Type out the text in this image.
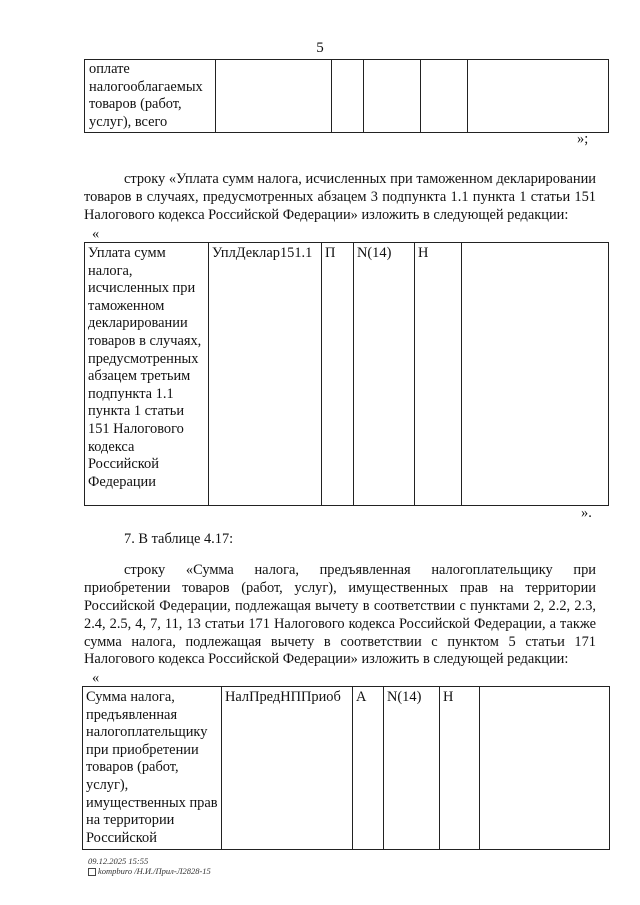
5
оплате налогооблагаемых товаров (работ, услуг), всего					
»;

строку «Уплата сумм налога, исчисленных при таможенном декларировании товаров в случаях, предусмотренных абзацем 3 подпункта 1.1 пункта 1 статьи 151 Налогового кодекса Российской Федерации» изложить в следующей редакции:

«
Уплата сумм налога, исчисленных при таможенном декларировании товаров в случаях, предусмотренных абзацем третьим подпункта 1.1 пункта 1 статьи 151 Налогового кодекса Российской Федерации	УплДеклар151.1	П	N(14)	Н	
».
7. В таблице 4.17:

строку «Сумма налога, предъявленная налогоплательщику при приобретении товаров (работ, услуг), имущественных прав на территории Российской Федерации, подлежащая вычету в соответствии с пунктами 2, 2.2, 2.3, 2.4, 2.5, 4, 7, 11, 13 статьи 171 Налогового кодекса Российской Федерации, а также сумма налога, подлежащая вычету в соответствии с пунктом 5 статьи 171 Налогового кодекса Российской Федерации» изложить в следующей редакции:

«
Сумма налога, предъявленная налогоплательщику при приобретении товаров (работ, услуг), имущественных прав на территории Российской	НалПредНППриоб	А	N(14)	Н	
09.12.2025 15:55
kompburo /Н.И./Прил-Л2828-15
